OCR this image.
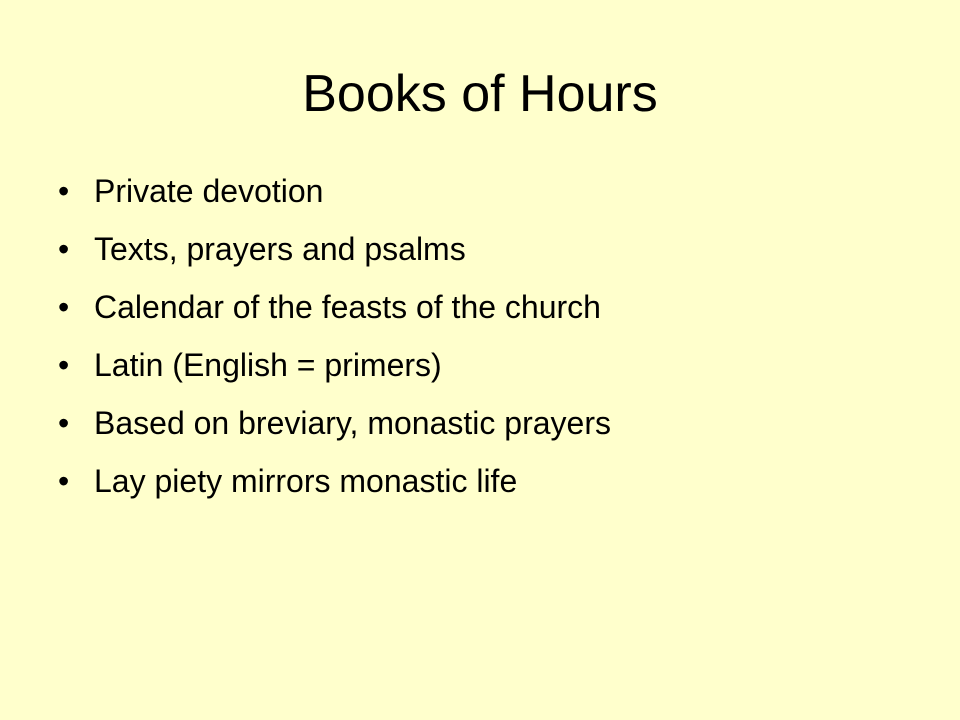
Books of Hours
• Private devotion
• Texts, prayers and psalms
• Calendar of the feasts of the church
• Latin (English = primers)
• Based on breviary, monastic prayers
• Lay piety mirrors monastic life
